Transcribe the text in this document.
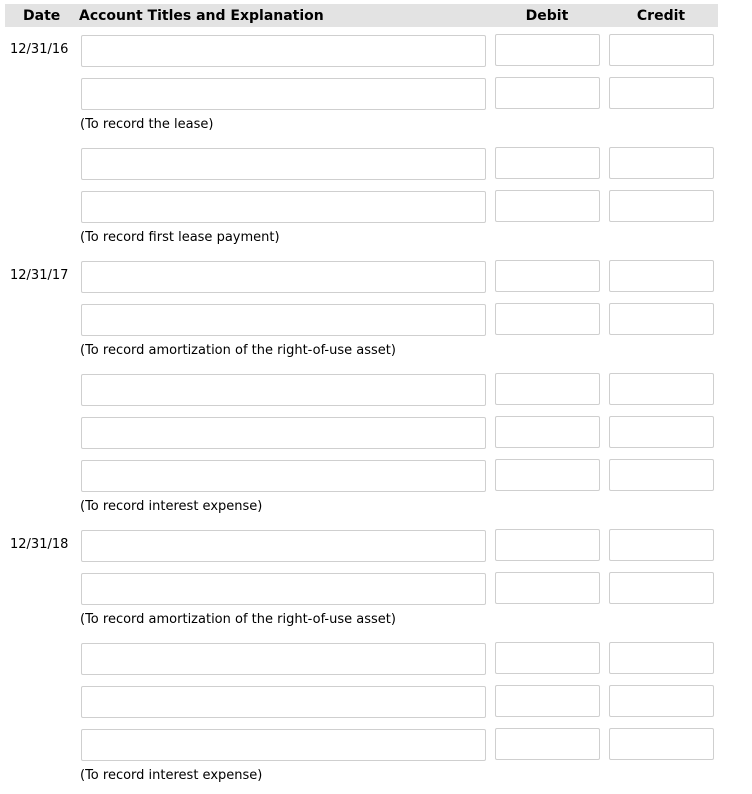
Date Account Titles and Explanation	Debit	Credit
12/31/16
(To record the lease)
(To record first lease payment)
12/31/17
(To record amortization of the right-of-use asset)
(To record interest expense)
12/31/18
(To record amortization of the right-of-use asset)
(To record interest expense)
